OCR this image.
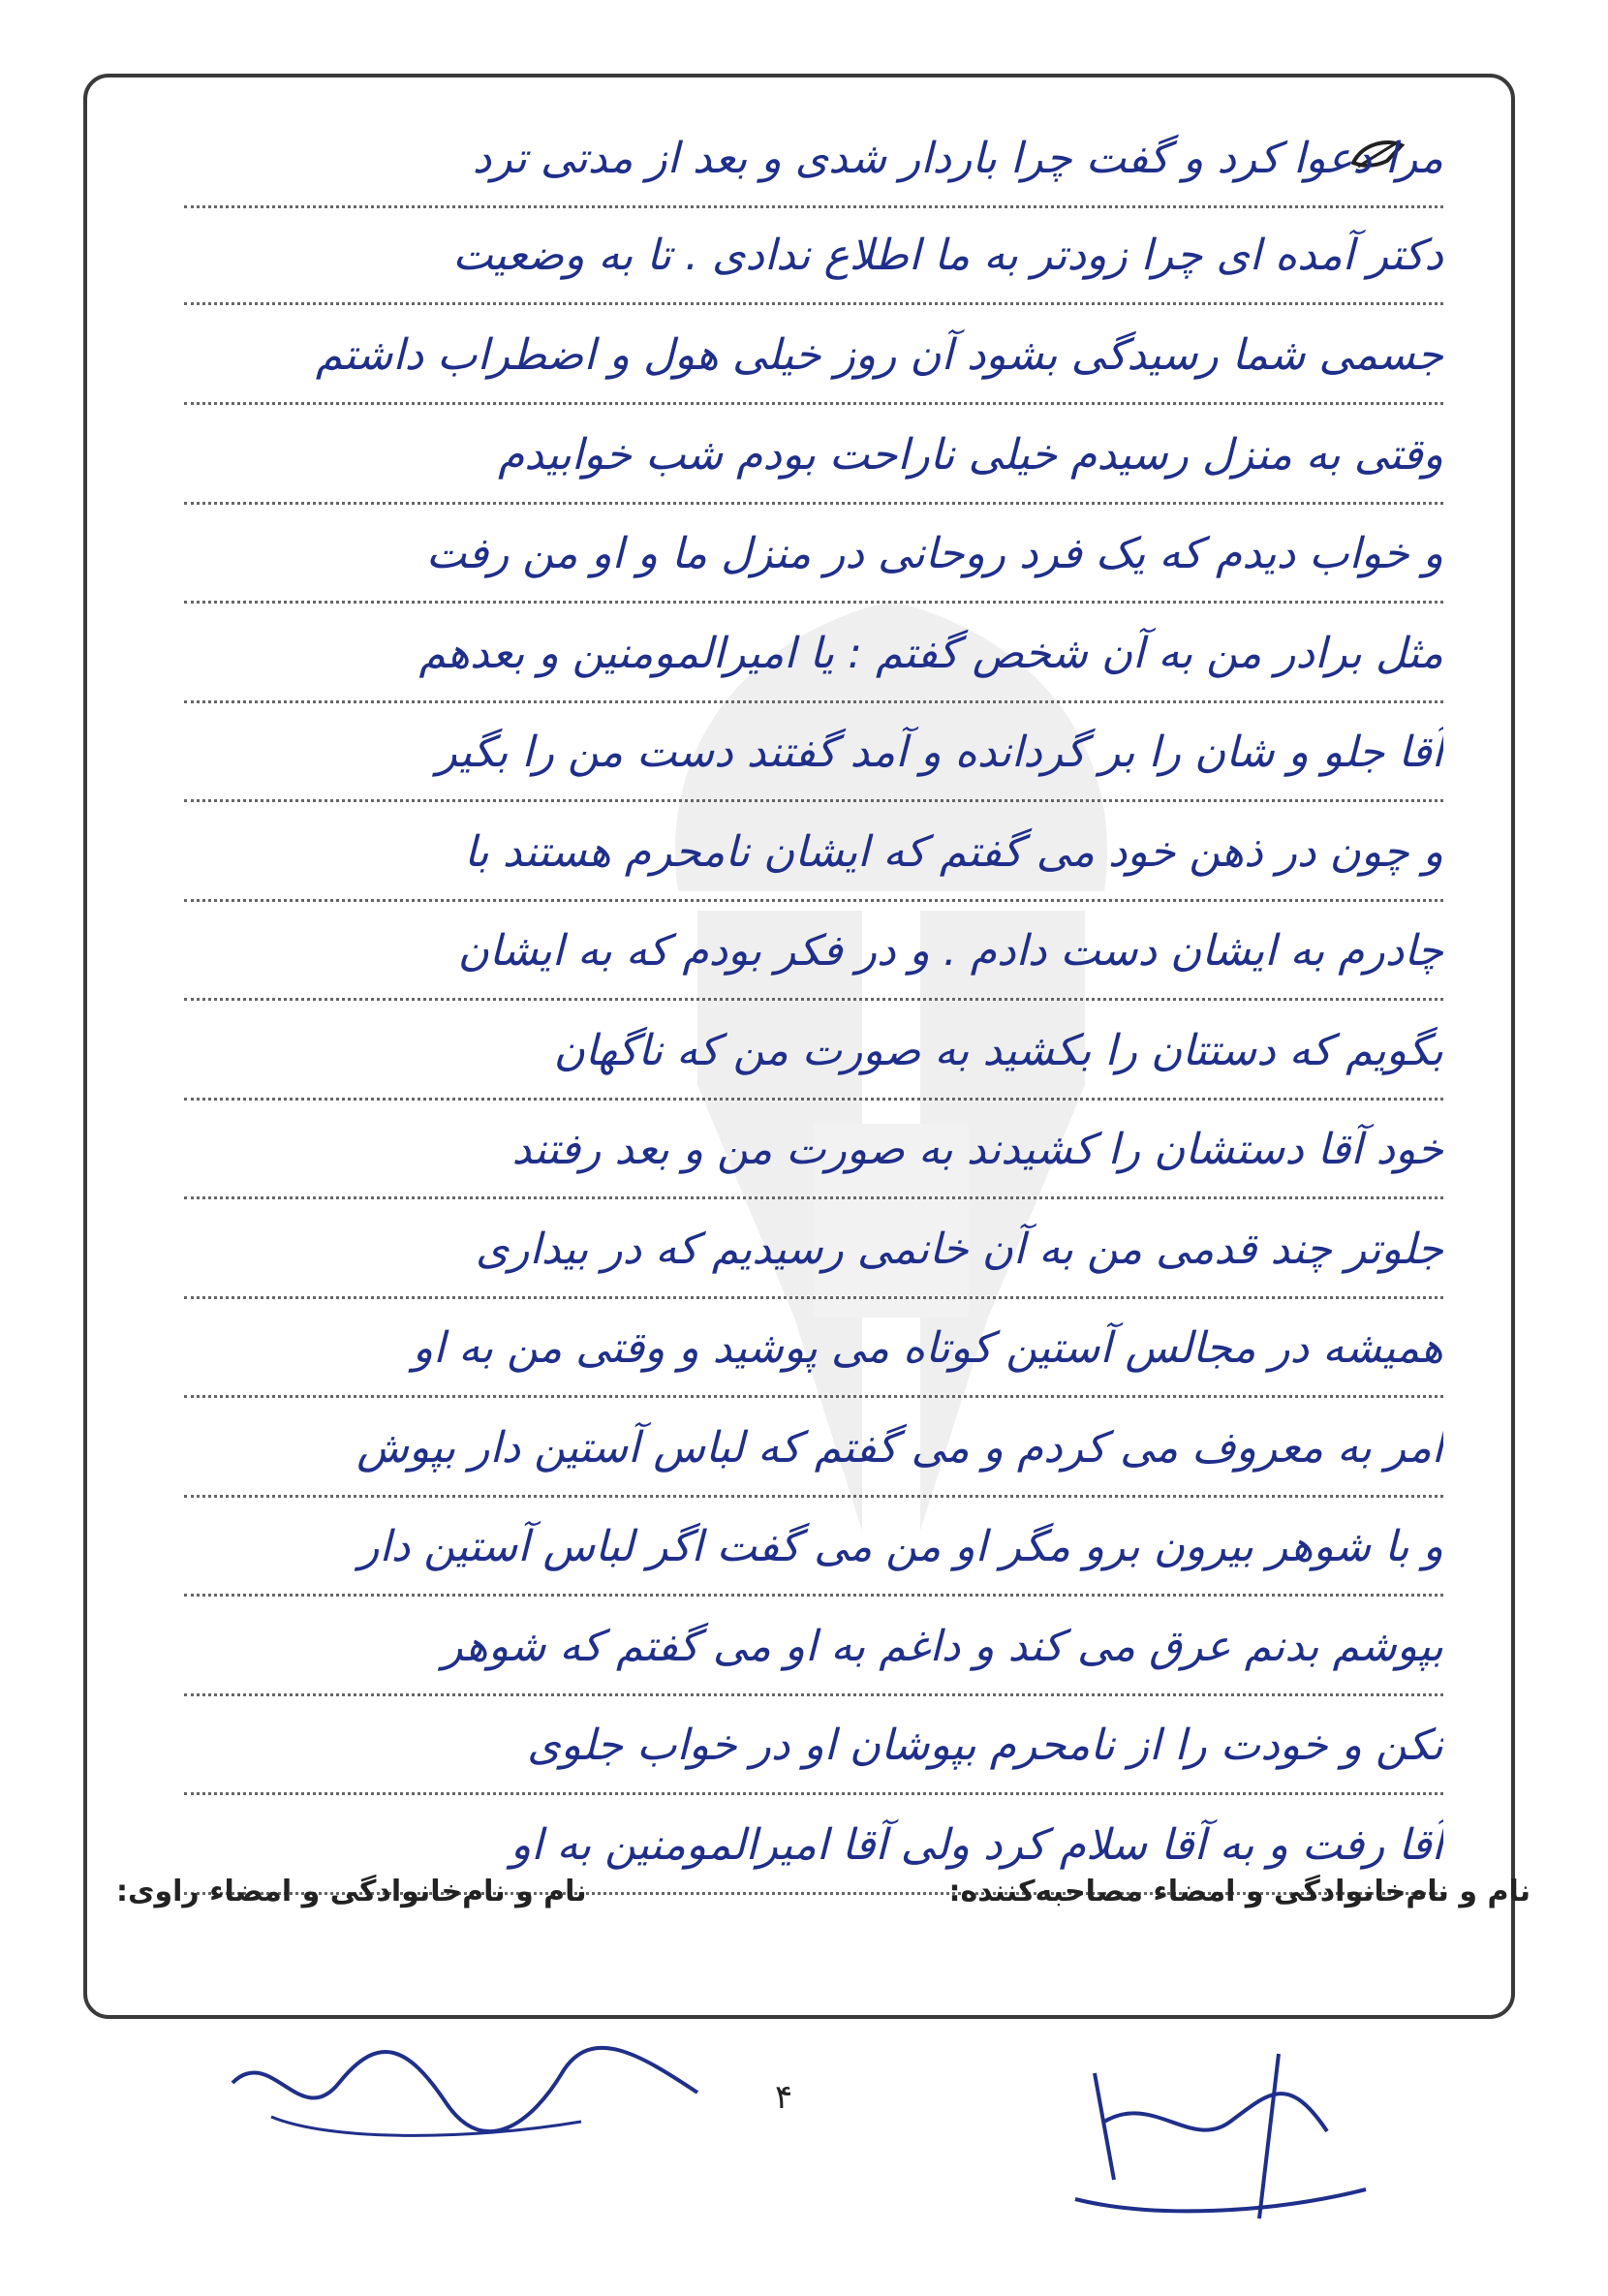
مرا دعوا کرد و گفت چرا باردار شدی و بعد از مدتی ترد
دکتر آمده ای چرا زودتر به ما اطلاع ندادی . تا به وضعیت
جسمی شما رسیدگی بشود آن روز خیلی هول و اضطراب داشتم
وقتی به منزل رسیدم خیلی ناراحت بودم شب خوابیدم
و خواب دیدم که یک فرد روحانی در منزل ما و او من رفت
مثل برادر من به آن شخص گفتم : یا امیرالمومنین و بعدهم
آقا جلو و شان را بر گردانده و آمد گفتند دست من را بگیر
و چون در ذهن خود می گفتم که ایشان نامحرم هستند با
چادرم به ایشان دست دادم . و در فکر بودم که به ایشان
بگویم که دستتان را بکشید به صورت من که ناگهان
خود آقا دستشان را کشیدند به صورت من و بعد رفتند
جلوتر چند قدمی من به آن خانمی رسیدیم که در بیداری
همیشه در مجالس آستین کوتاه می پوشید و وقتی من به او
امر به معروف می کردم و می گفتم که لباس آستین دار بپوش
و با شوهر بیرون برو مگر او من می گفت اگر لباس آستین دار
بپوشم بدنم عرق می کند و داغم به او می گفتم که شوهر
نکن و خودت را از نامحرم بپوشان او در خواب جلوی
آقا رفت و به آقا سلام کرد ولی آقا امیرالمومنین به او
نام و نام‌خانوادگی و امضاء مصاحبه‌کننده:
نام و نام‌خانوادگی و امضاء راوی:
۴
